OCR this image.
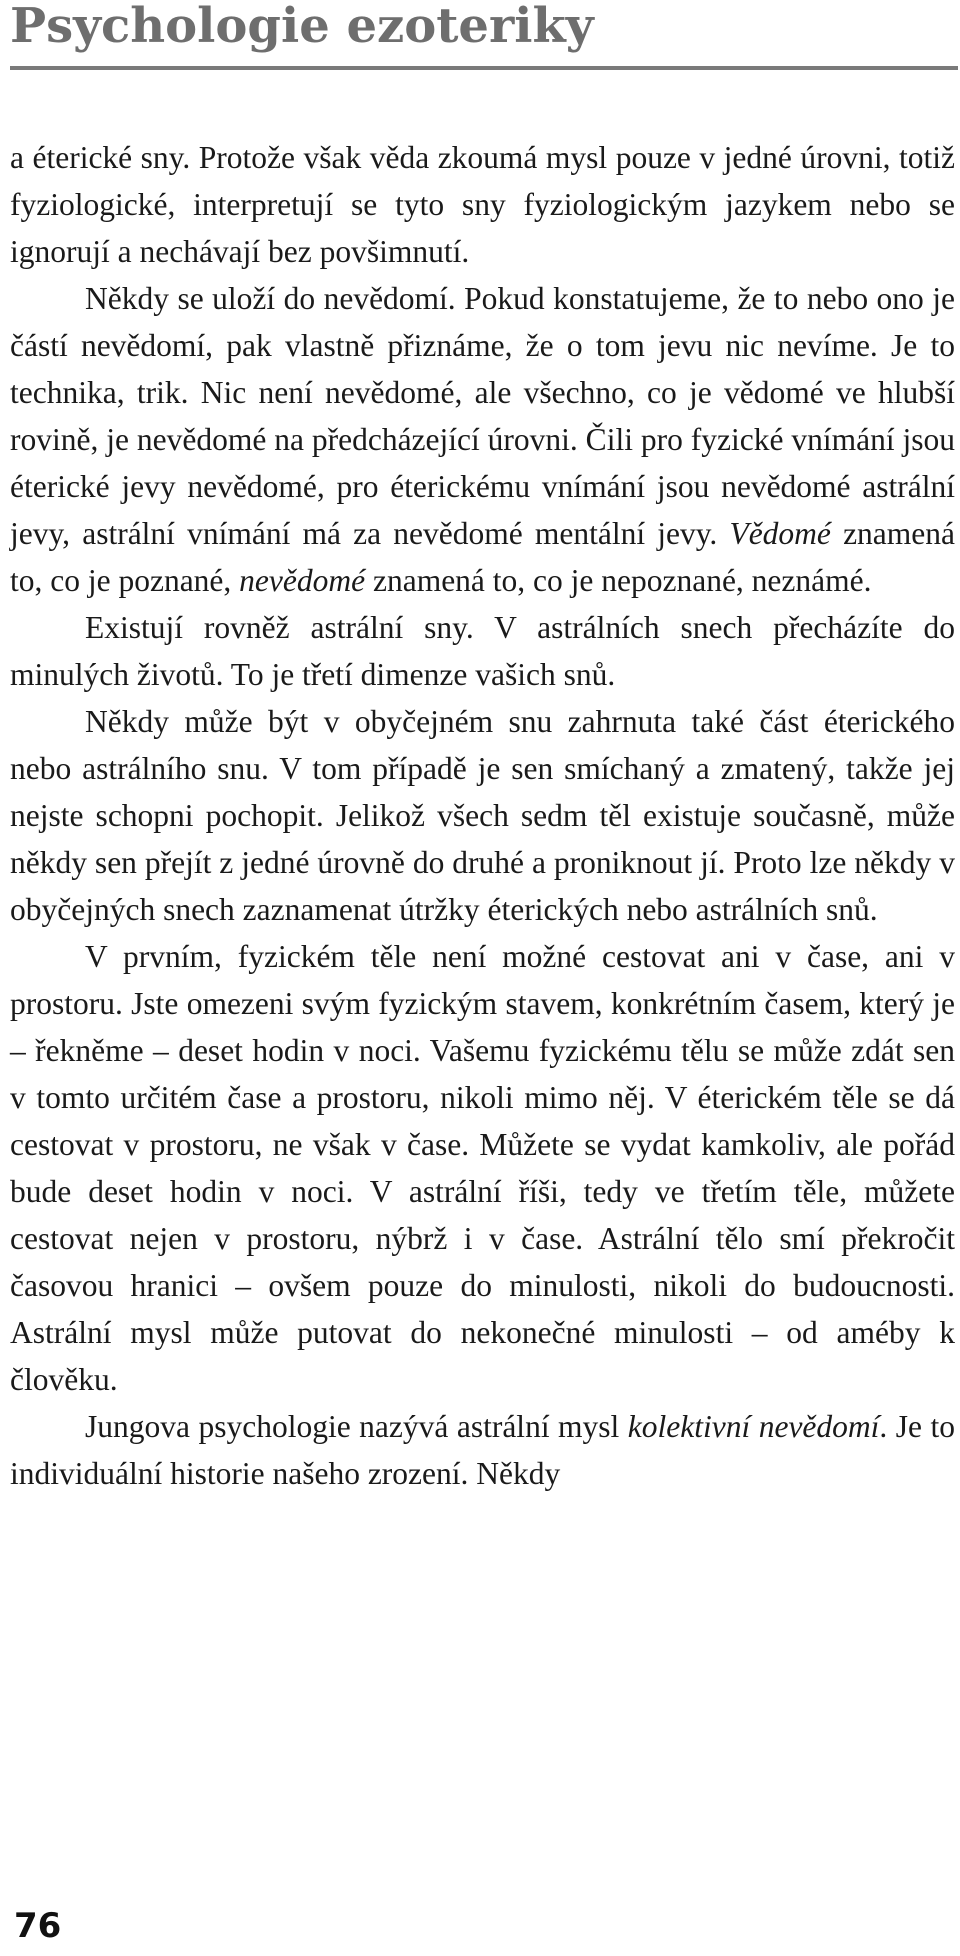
Psychologie ezoteriky

a éterické sny. Protože však věda zkoumá mysl pouze v jedné úrovni, totiž fyziologické, interpretují se tyto sny fyziologickým jazykem nebo se ignorují a nechávají bez povšimnutí.

Někdy se uloží do nevědomí. Pokud konstatujeme, že to nebo ono je částí nevědomí, pak vlastně přiznáme, že o tom jevu nic nevíme. Je to technika, trik. Nic není nevědomé, ale všechno, co je vědomé ve hlubší rovině, je nevědomé na předcházející úrovni. Čili pro fyzické vnímání jsou éterické jevy nevědomé, pro éterickému vnímání jsou nevědomé astrální jevy, astrální vnímání má za nevědomé mentální jevy. Vědomé znamená to, co je poznané, nevědomé znamená to, co je nepoznané, neznámé.

Existují rovněž astrální sny. V astrálních snech přecházíte do minulých životů. To je třetí dimenze vašich snů.

Někdy může být v obyčejném snu zahrnuta také část éterického nebo astrálního snu. V tom případě je sen smíchaný a zmatený, takže jej nejste schopni pochopit. Jelikož všech sedm těl existuje současně, může někdy sen přejít z jedné úrovně do druhé a proniknout jí. Proto lze někdy v obyčejných snech zaznamenat útržky éterických nebo astrálních snů.

V prvním, fyzickém těle není možné cestovat ani v čase, ani v prostoru. Jste omezeni svým fyzickým stavem, konkrétním časem, který je – řekněme – deset hodin v noci. Vašemu fyzickému tělu se může zdát sen v tomto určitém čase a prostoru, nikoli mimo něj. V éterickém těle se dá cestovat v prostoru, ne však v čase. Můžete se vydat kamkoliv, ale pořád bude deset hodin v noci. V astrální říši, tedy ve třetím těle, můžete cestovat nejen v prostoru, nýbrž i v čase. Astrální tělo smí překročit časovou hranici – ovšem pouze do minulosti, nikoli do budoucnosti. Astrální mysl může putovat do nekonečné minulosti – od améby k člověku.

Jungova psychologie nazývá astrální mysl kolektivní nevědomí. Je to individuální historie našeho zrození. Někdy

76
